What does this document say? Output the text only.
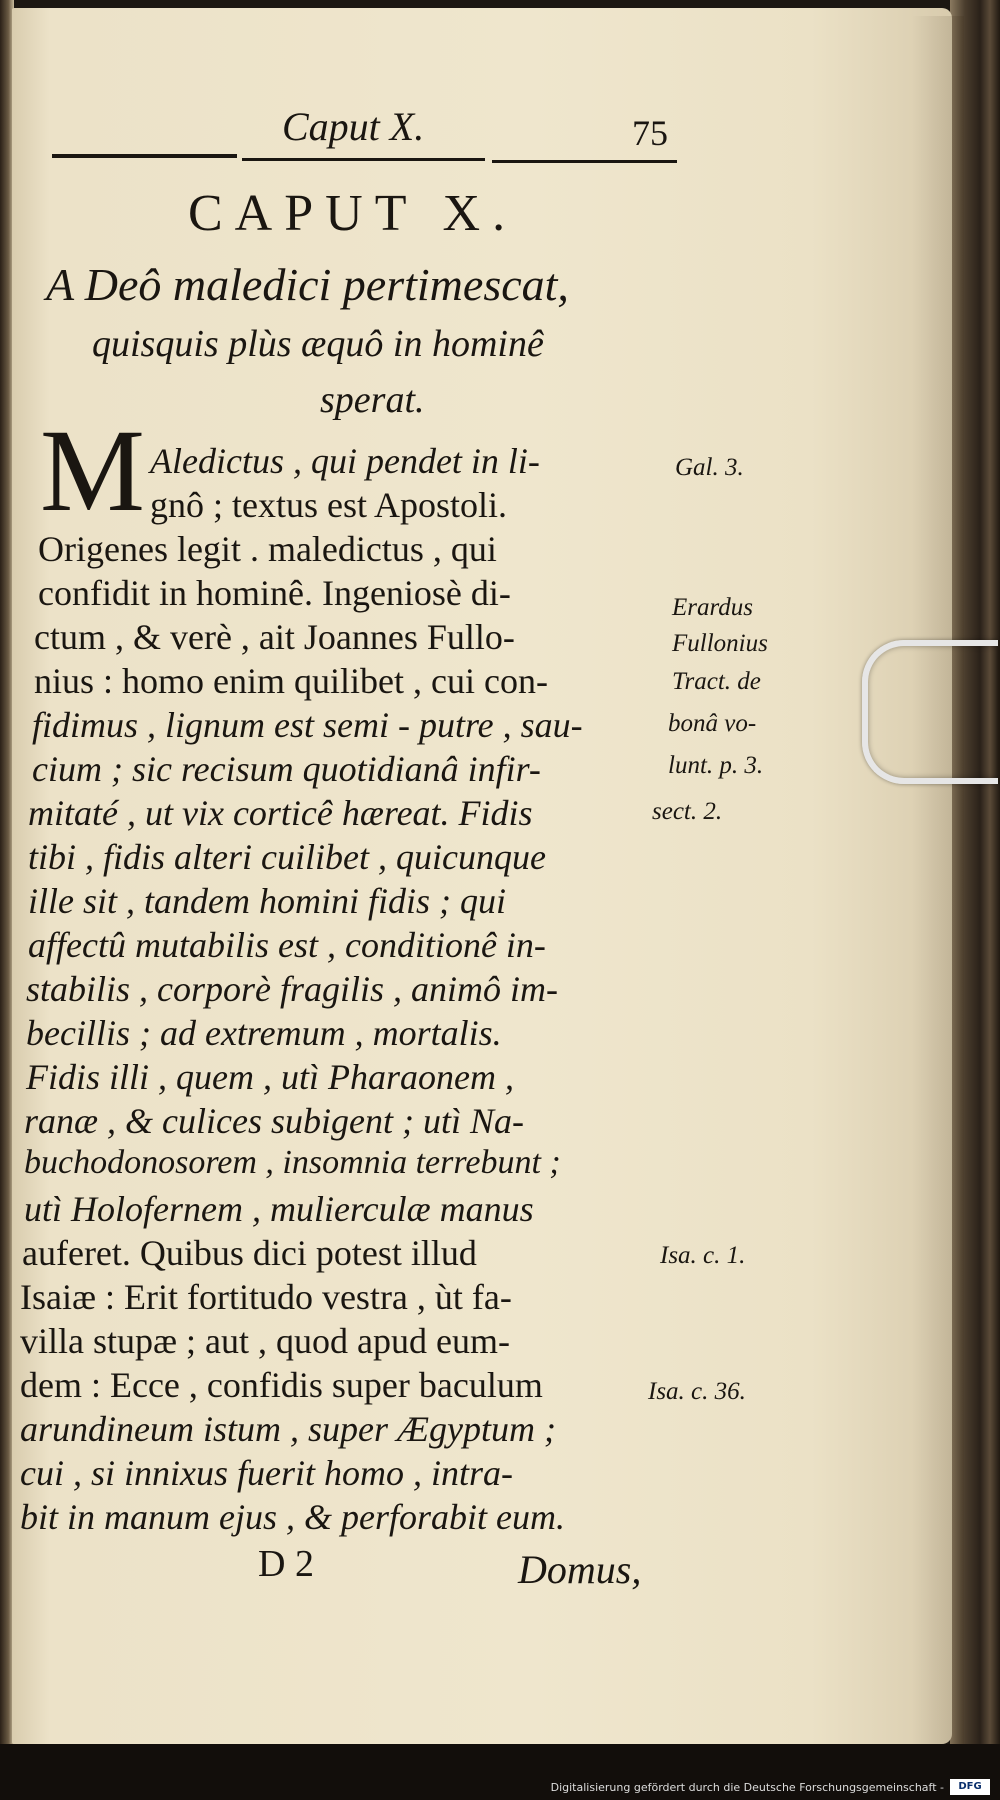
Caput X.	75
CAPUT X.
A Deô maledici pertimescat,
quisquis plùs æquô in hominê
sperat.
M Aledictus , qui pendet in li-
gnô ; textus est Apostoli.
Origenes legit . maledictus , qui
confidit in hominê. Ingeniosè di-
ctum , & verè , ait Joannes Fullo-
nius : homo enim quilibet , cui con-
fidimus , lignum est semi - putre , sau-
cium ; sic recisum quotidianâ infir-
mitaté , ut vix corticê hæreat. Fidis
tibi , fidis alteri cuilibet , quicunque
ille sit , tandem homini fidis ; qui
affectû mutabilis est , conditionê in-
stabilis , corporè fragilis , animô im-
becillis ; ad extremum , mortalis.
Fidis illi , quem , utì Pharaonem ,
ranæ , & culices subigent ; utì Na-
buchodonosorem , insomnia terrebunt ;
utì Holofernem , mulierculæ manus
auferet. Quibus dici potest illud
Isaiæ : Erit fortitudo vestra , ùt fa-
villa stupæ ; aut , quod apud eum-
dem : Ecce , confidis super baculum
arundineum istum , super Ægyptum ;
cui , si innixus fuerit homo , intra-
bit in manum ejus , & perforabit eum.
Gal. 3.
Erardus
Fullonius
Tract. de
bonâ vo-
lunt. p. 3.
sect. 2.
Isa. c. 1.
Isa. c. 36.
D 2	Domus,
Digitalisierung gefördert durch die Deutsche Forschungsgemeinschaft -	DFG
